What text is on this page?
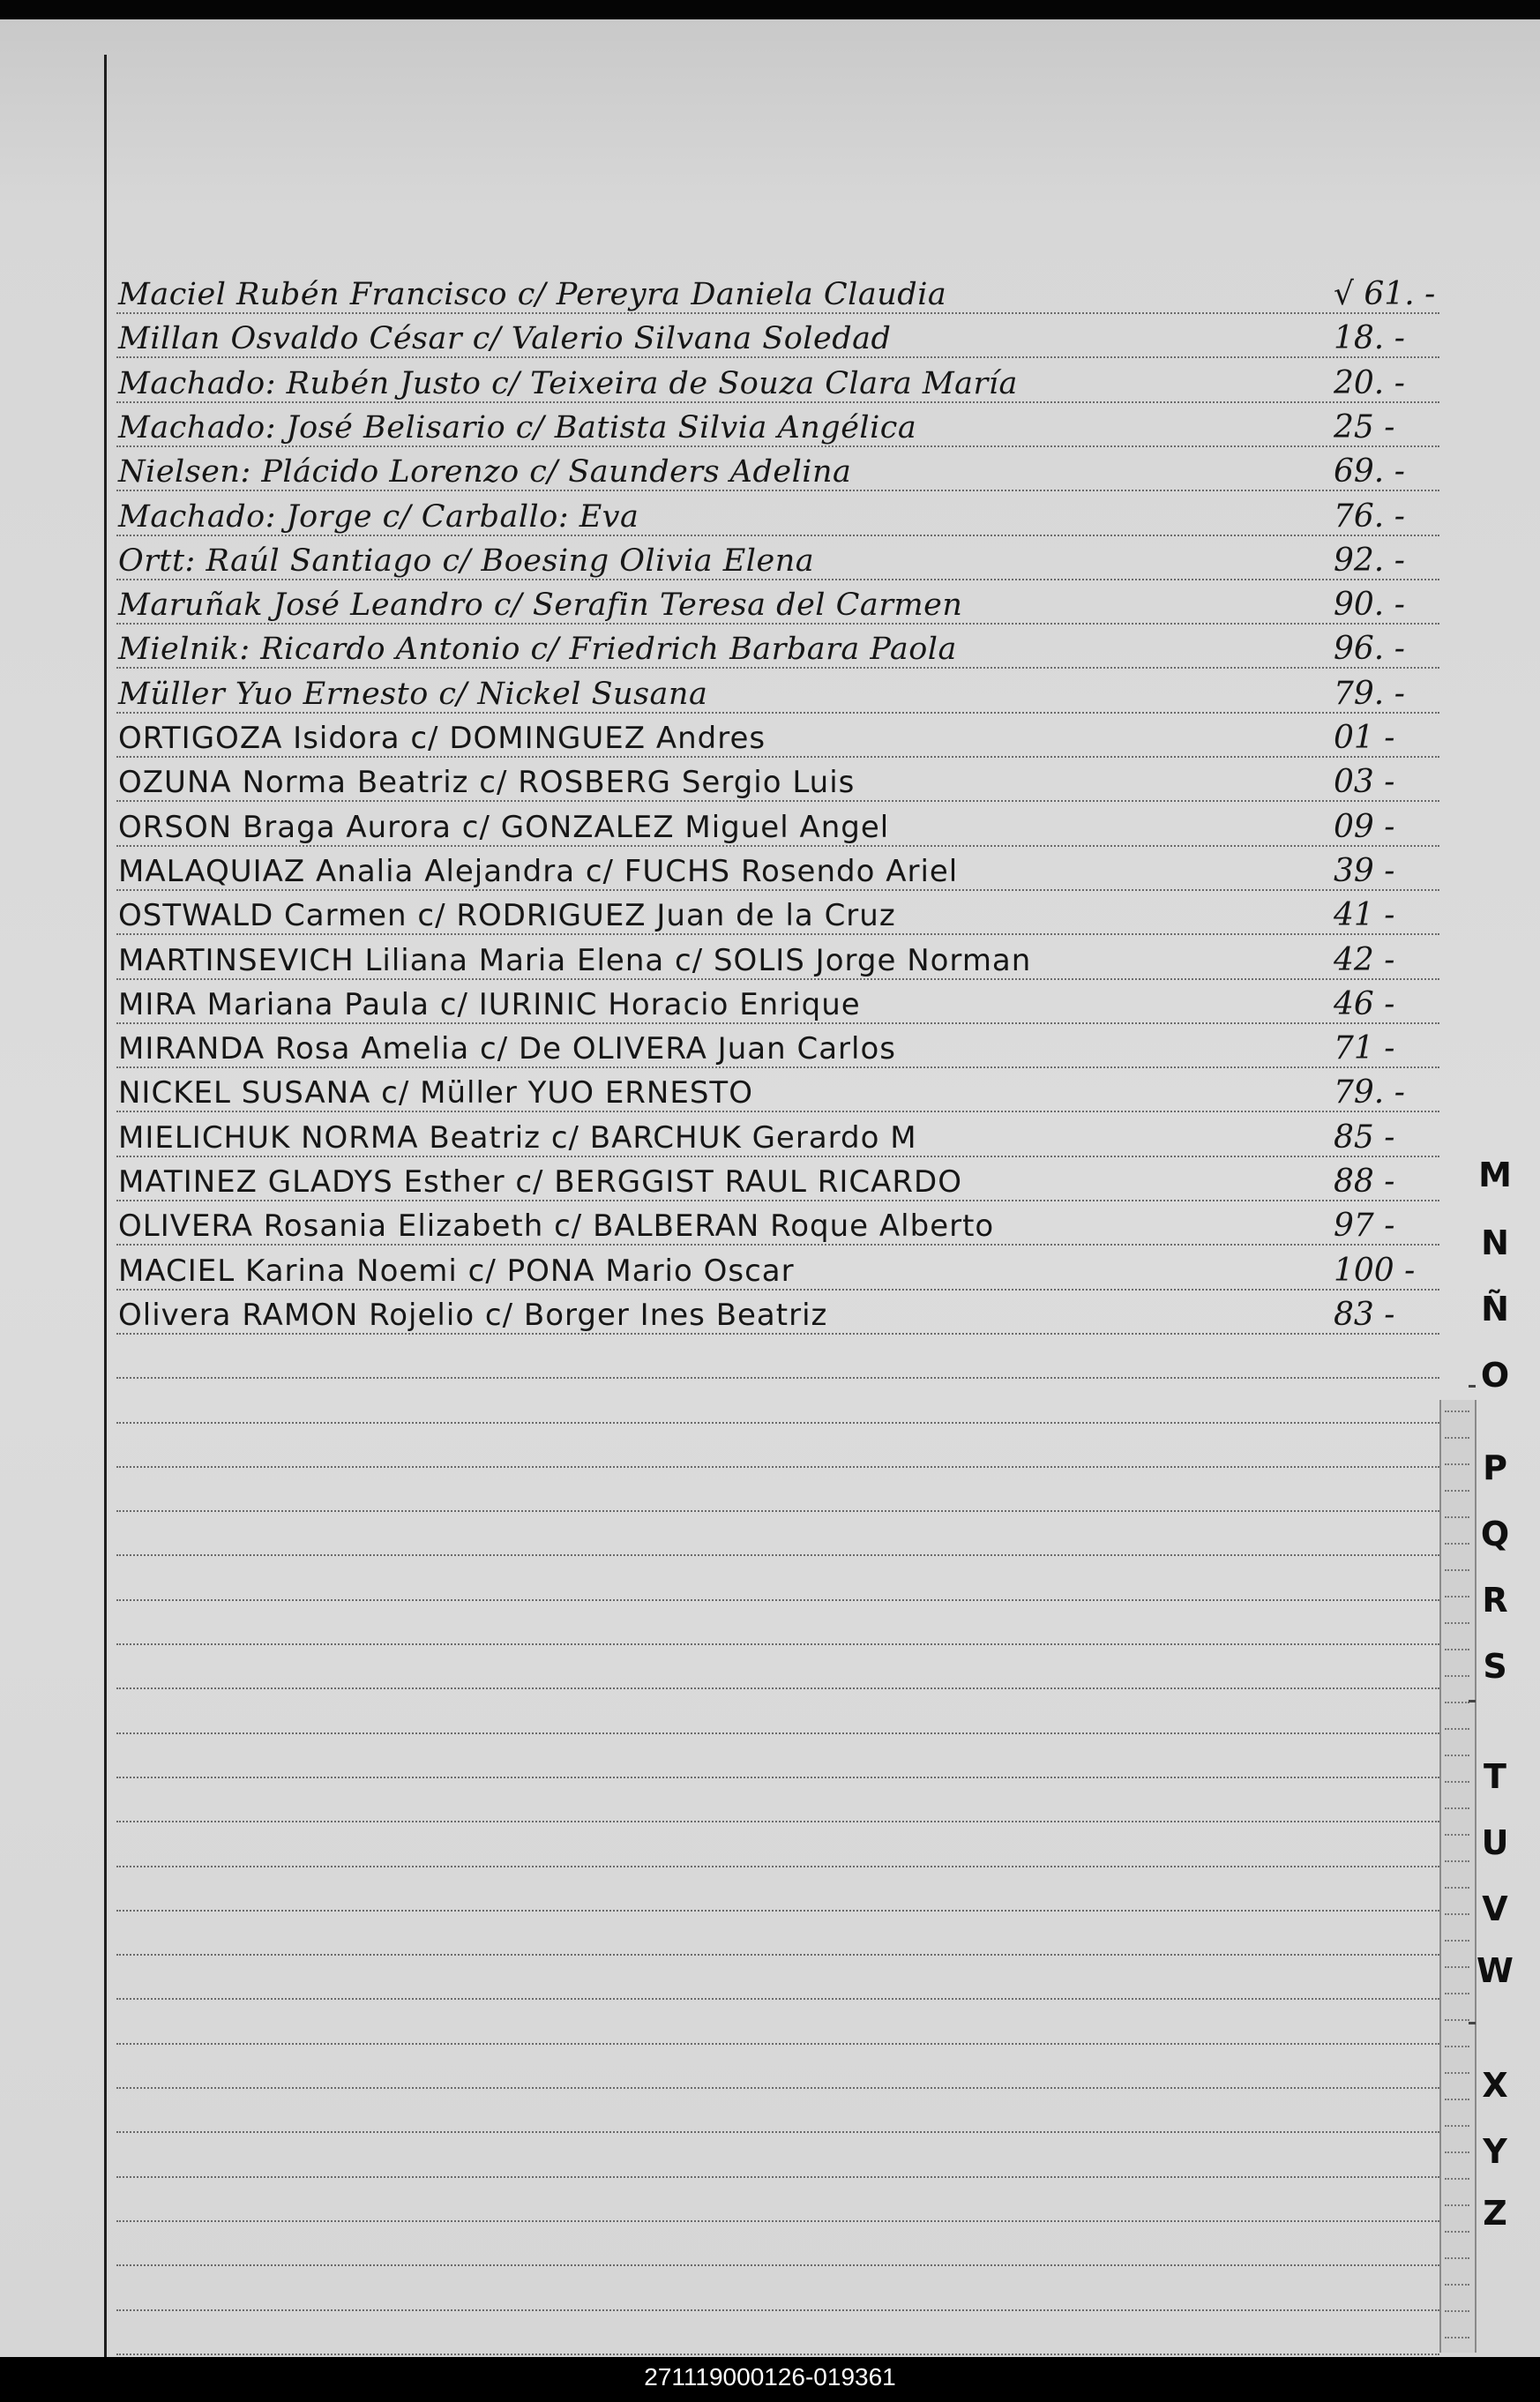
Maciel Rubén Francisco c/ Pereyra Daniela Claudia	√ 61. -
Millan Osvaldo César c/ Valerio Silvana Soledad	18. -
Machado: Rubén Justo c/ Teixeira de Souza Clara María	20. -
Machado: José Belisario c/ Batista Silvia Angélica	25 -
Nielsen: Plácido Lorenzo c/ Saunders Adelina	69. -
Machado: Jorge c/ Carballo: Eva	76. -
Ortt: Raúl Santiago c/ Boesing Olivia Elena	92. -
Maruñak José Leandro c/ Serafin Teresa del Carmen	90. -
Mielnik: Ricardo Antonio c/ Friedrich Barbara Paola	96. -
Müller Yuo Ernesto c/ Nickel Susana	79. -
ORTIGOZA Isidora c/ DOMINGUEZ Andres	01 -
OZUNA Norma Beatriz c/ ROSBERG Sergio Luis	03 -
ORSON Braga Aurora c/ GONZALEZ Miguel Angel	09 -
MALAQUIAZ Analia Alejandra c/ FUCHS Rosendo Ariel	39 -
OSTWALD Carmen c/ RODRIGUEZ Juan de la Cruz	41 -
MARTINSEVICH Liliana Maria Elena c/ SOLIS Jorge Norman	42 -
MIRA Mariana Paula c/ IURINIC Horacio Enrique	46 -
MIRANDA Rosa Amelia c/ De OLIVERA Juan Carlos	71 -
NICKEL SUSANA c/ Müller YUO ERNESTO	79. -
MIELICHUK NORMA Beatriz c/ BARCHUK Gerardo M	85 -
MATINEZ GLADYS Esther c/ BERGGIST RAUL RICARDO	88 -
OLIVERA Rosania Elizabeth c/ BALBERAN Roque Alberto	97 -
MACIEL Karina Noemi c/ PONA Mario Oscar	100 -
Olivera RAMON Rojelio c/ Borger Ines Beatriz	83 -
M
N
Ñ
O
P
Q
R
S
T
U
V
W
X
Y
Z
271119000126-019361
